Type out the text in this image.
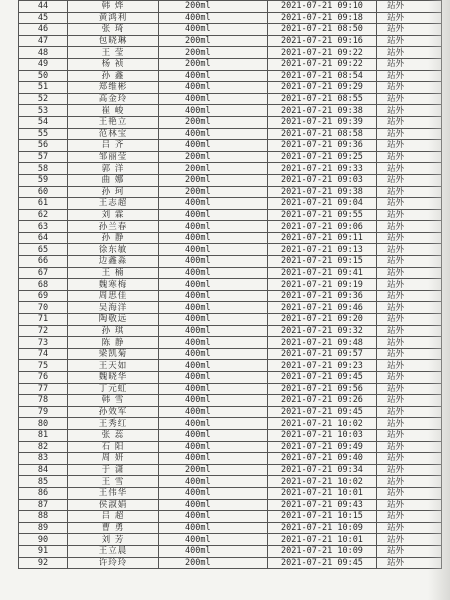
44	韩 烨	200ml	2021-07-21 09:10	站外
45	黄鸿利	400ml	2021-07-21 09:18	站外
46	张 琦	400ml	2021-07-21 08:50	站外
47	包晓琳	200ml	2021-07-21 09:16	站外
48	王 莹	200ml	2021-07-21 09:22	站外
49	杨 祯	200ml	2021-07-21 09:22	站外
50	孙 鑫	400ml	2021-07-21 08:54	站外
51	郑维彬	400ml	2021-07-21 09:29	站外
52	高金玲	400ml	2021-07-21 08:55	站外
53	崔 峻	400ml	2021-07-21 09:38	站外
54	王艳立	200ml	2021-07-21 09:39	站外
55	范林宝	400ml	2021-07-21 08:58	站外
56	吕 齐	400ml	2021-07-21 09:36	站外
57	邹丽莹	200ml	2021-07-21 09:25	站外
58	郭 洋	200ml	2021-07-21 09:33	站外
59	曲 娜	200ml	2021-07-21 09:03	站外
60	孙 珂	200ml	2021-07-21 09:38	站外
61	王志超	400ml	2021-07-21 09:04	站外
62	刘 霖	400ml	2021-07-21 09:55	站外
63	孙兰春	400ml	2021-07-21 09:06	站外
64	孙 静	400ml	2021-07-21 09:11	站外
65	徐东敏	400ml	2021-07-21 09:13	站外
66	边鑫淼	400ml	2021-07-21 09:15	站外
67	王 楠	400ml	2021-07-21 09:41	站外
68	魏寒梅	400ml	2021-07-21 09:19	站外
69	周思佳	400ml	2021-07-21 09:36	站外
70	吴海洋	400ml	2021-07-21 09:46	站外
71	陶敬远	400ml	2021-07-21 09:20	站外
72	孙 琪	400ml	2021-07-21 09:32	站外
73	陈 静	400ml	2021-07-21 09:48	站外
74	梁凯菊	400ml	2021-07-21 09:57	站外
75	王天如	400ml	2021-07-21 09:23	站外
76	魏晓华	400ml	2021-07-21 09:45	站外
77	丁元虹	400ml	2021-07-21 09:56	站外
78	韩 雪	400ml	2021-07-21 09:26	站外
79	孙效军	400ml	2021-07-21 09:45	站外
80	王秀红	400ml	2021-07-21 10:02	站外
81	张 蕊	400ml	2021-07-21 10:03	站外
82	石 阳	400ml	2021-07-21 09:49	站外
83	周 妍	400ml	2021-07-21 09:40	站外
84	于 潇	200ml	2021-07-21 09:34	站外
85	王 雪	400ml	2021-07-21 10:02	站外
86	王伟华	400ml	2021-07-21 10:01	站外
87	侯淑娟	400ml	2021-07-21 09:43	站外
88	吕 超	400ml	2021-07-21 10:15	站外
89	曹 勇	400ml	2021-07-21 10:09	站外
90	刘 芳	400ml	2021-07-21 10:01	站外
91	王立晨	400ml	2021-07-21 10:09	站外
92	许玲玲	200ml	2021-07-21 09:45	站外
